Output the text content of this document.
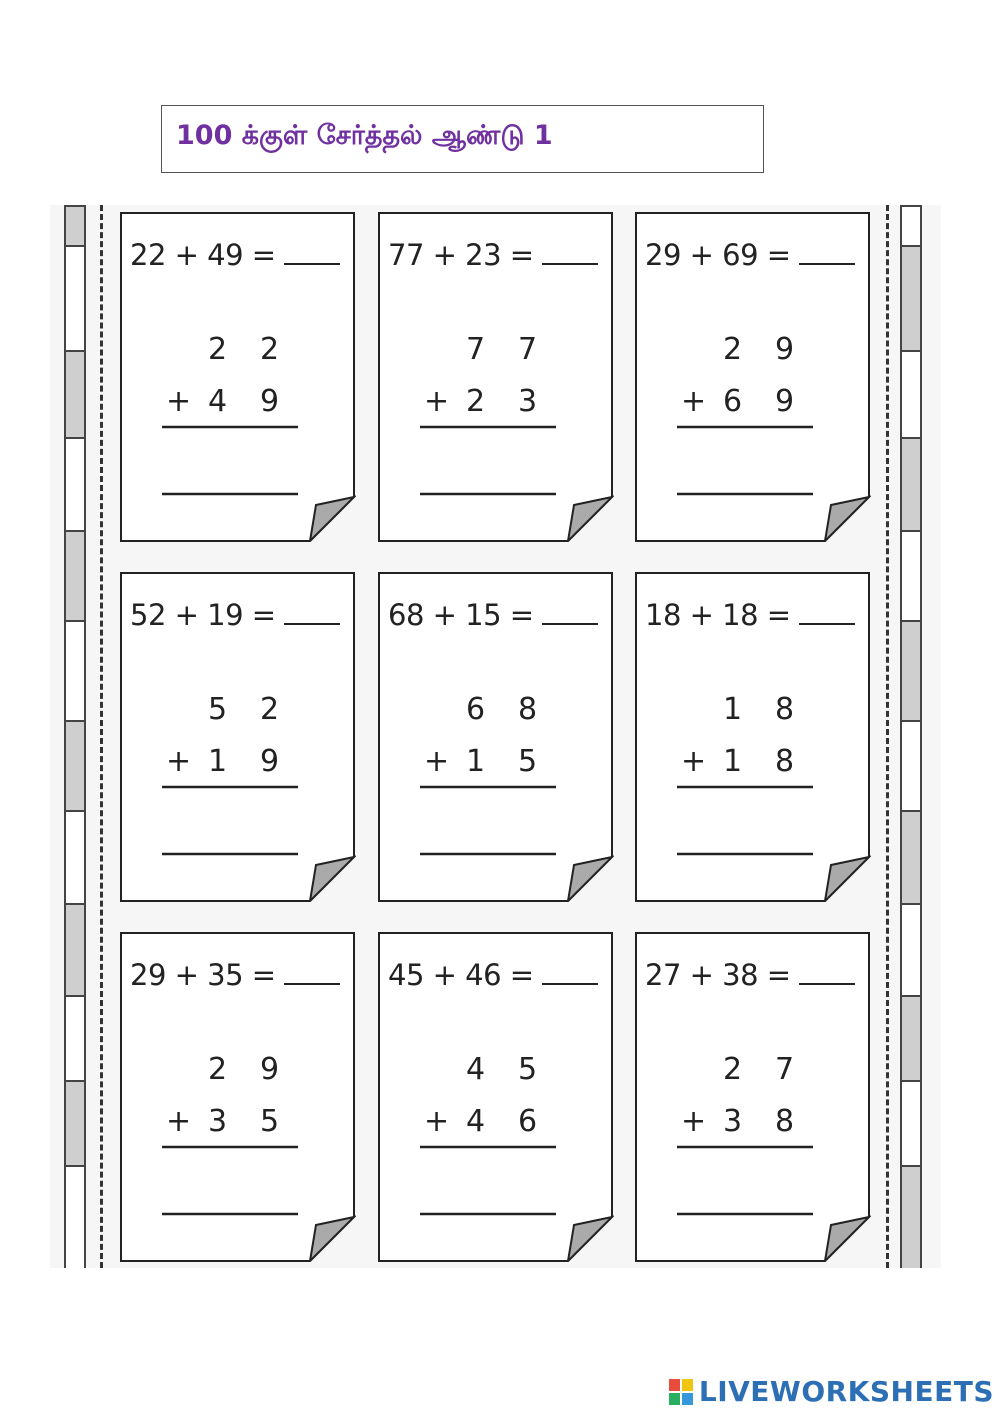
100 க்குள் சேர்த்தல் ஆண்டு 1
22 + 49 =
2 2
+ 4 9
77 + 23 =
7 7
+ 2 3
29 + 69 =
2 9
+ 6 9
52 + 19 =
5 2
+ 1 9
68 + 15 =
6 8
+ 1 5
18 + 18 =
1 8
+ 1 8
29 + 35 =
2 9
+ 3 5
45 + 46 =
4 5
+ 4 6
27 + 38 =
2 7
+ 3 8
LIVEWORKSHEETS
